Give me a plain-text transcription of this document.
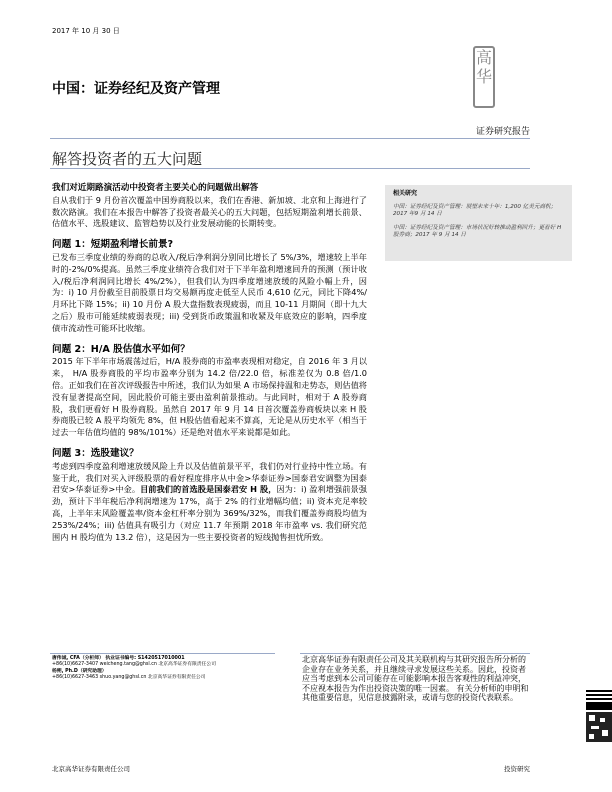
2017 年 10 月 30 日
中国：证券经纪及资产管理
高
华
证券研究报告
解答投资者的五大问题
我们对近期路演活动中投资者主要关心的问题做出解答

自从我们于 9 月份首次覆盖中国券商股以来，我们在香港、新加坡、北京和上海进行了数次路演。我们在本报告中解答了投资者最关心的五大问题，包括短期盈利增长前景、估值水平、选股建议、监管趋势以及行业发展动能的长期转变。

问题 1：短期盈利增长前景?

已发布三季度业绩的券商的总收入/税后净利润分别同比增长了 5%/3%，增速较上半年时的-2%/0%提高。虽然三季度业绩符合我们对于下半年盈利增速回升的预测（预计收入/税后净利润同比增长 4%/2%），但我们认为四季度增速放缓的风险小幅上升，因为：i) 10 月份截至目前股票日均交易额再度走低至人民币 4,610 亿元，同比下降4%/月环比下降 15%；ii) 10 月份 A 股大盘指数表现疲弱，而且 10-11 月期间（即十九大之后）股市可能延续疲弱表现；iii) 受到货币政策温和收紧及年底效应的影响，四季度债市流动性可能环比收缩。

问题 2：H/A 股估值水平如何？

2015 年下半年市场震荡过后，H/A 股券商的市盈率表现相对稳定，自 2016 年 3 月以来， H/A 股券商股的平均市盈率分别为 14.2 倍/22.0 倍，标准差仅为 0.8 倍/1.0 倍。正如我们在首次评级报告中所述，我们认为如果 A 市场保持温和走势态，则估值将没有显著提高空间，因此股价可能主要由盈利前景推动。与此同时，相对于 A 股券商股，我们更看好 H 股券商股。虽然自 2017 年 9 月 14 日首次覆盖券商板块以来 H 股券商股已较 A 股平均领先 8%，但 H股估值看起来不算高，无论是从历史水平（相当于过去一年估值均值的 98%/101%）还是绝对值水平来说都是如此。

问题 3：选股建议？

考虑到四季度盈利增速放缓风险上升以及估值前景平平，我们仍对行业持中性立场。有鉴于此，我们对买入评级股票的看好程度排序从中金>华泰证券>国泰君安调整为国泰君安>华泰证券>中金。目前我们的首选股是国泰君安 H 股，因为：i) 盈利增强前景强劲，预计下半年税后净利润增速为 17%，高于 2% 的行业增幅均值；ii) 资本充足率较高，上半年末风险覆盖率/资本金杠杆率分别为 369%/32%，而我们覆盖券商股均值为 253%/24%；iii) 估值具有吸引力（对应 11.7 年预期 2018 年市盈率 vs. 我们研究范围内 H 股均值为 13.2 倍），这是因为一些主要投资者的短线抛售担忧所致。

相关研究
中国：证券经纪及资产管理：展望未来十年：1,200 亿美元商机；2017 年9 月 14 日
中国：证券经纪及资产管理：市场状况好转推动盈利回升；更看好 H股券商；2017 年 9 月 14 日
唐伟诚, CFA（分析师） 执业证书编号: S1420517010001
+86(10)6627-3407 weicheng.tang@ghsl.cn 北京高华证券有限责任公司
杨朔, Ph.D（研究助理）
+86(10)6627-3463 shuo.yang@ghsl.cn 北京高华证券有限责任公司
北京高华证券有限责任公司及其关联机构与其研究报告所分析的企业存在业务关系，并且继续寻求发展这些关系。因此，投资者应当考虑到本公司可能存在可能影响本报告客观性的利益冲突，不应视本报告为作出投资决策的唯一因素。 有关分析师的申明和其他重要信息，见信息披露附录，或请与您的投资代表联系。
北京高华证券有限责任公司	投资研究
